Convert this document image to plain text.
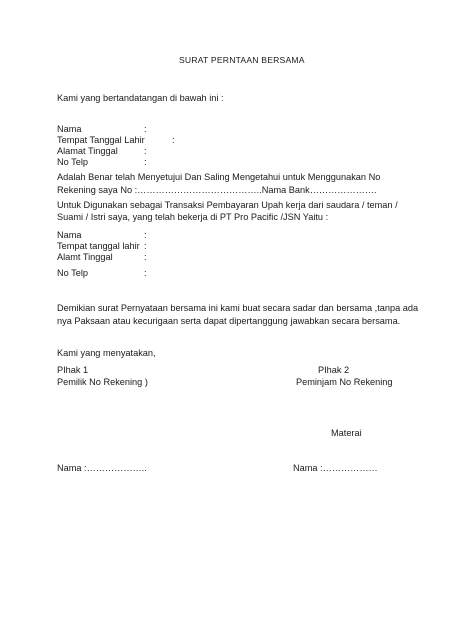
SURAT PERNTAAN BERSAMA
Kami yang bertandatangan di bawah ini :
Nama	:
Tempat Tanggal Lahir	:
Alamat Tinggal	:
No Telp	:
Adalah Benar telah Menyetujui Dan Saling Mengetahui untuk Menggunakan No
Rekening saya No :…………………………………..Nama Bank………………….
Untuk Digunakan sebagai Transaksi Pembayaran Upah kerja dari saudara / teman /
Suami / Istri saya, yang telah bekerja di PT Pro Pacific /JSN Yaitu :
Nama	:
Tempat tanggal lahir :
Alamt Tinggal	:
No Telp	:
Demikian surat Pernyataan bersama ini kami buat secara sadar dan bersama ,tanpa ada
nya Paksaan atau kecurigaan serta dapat dipertanggung jawabkan secara bersama.
Kami yang menyatakan,
PIhak 1	PIhak 2
Pemilik No Rekening )	Peminjam No Rekening
Materai
Nama :………………..	Nama :………………
